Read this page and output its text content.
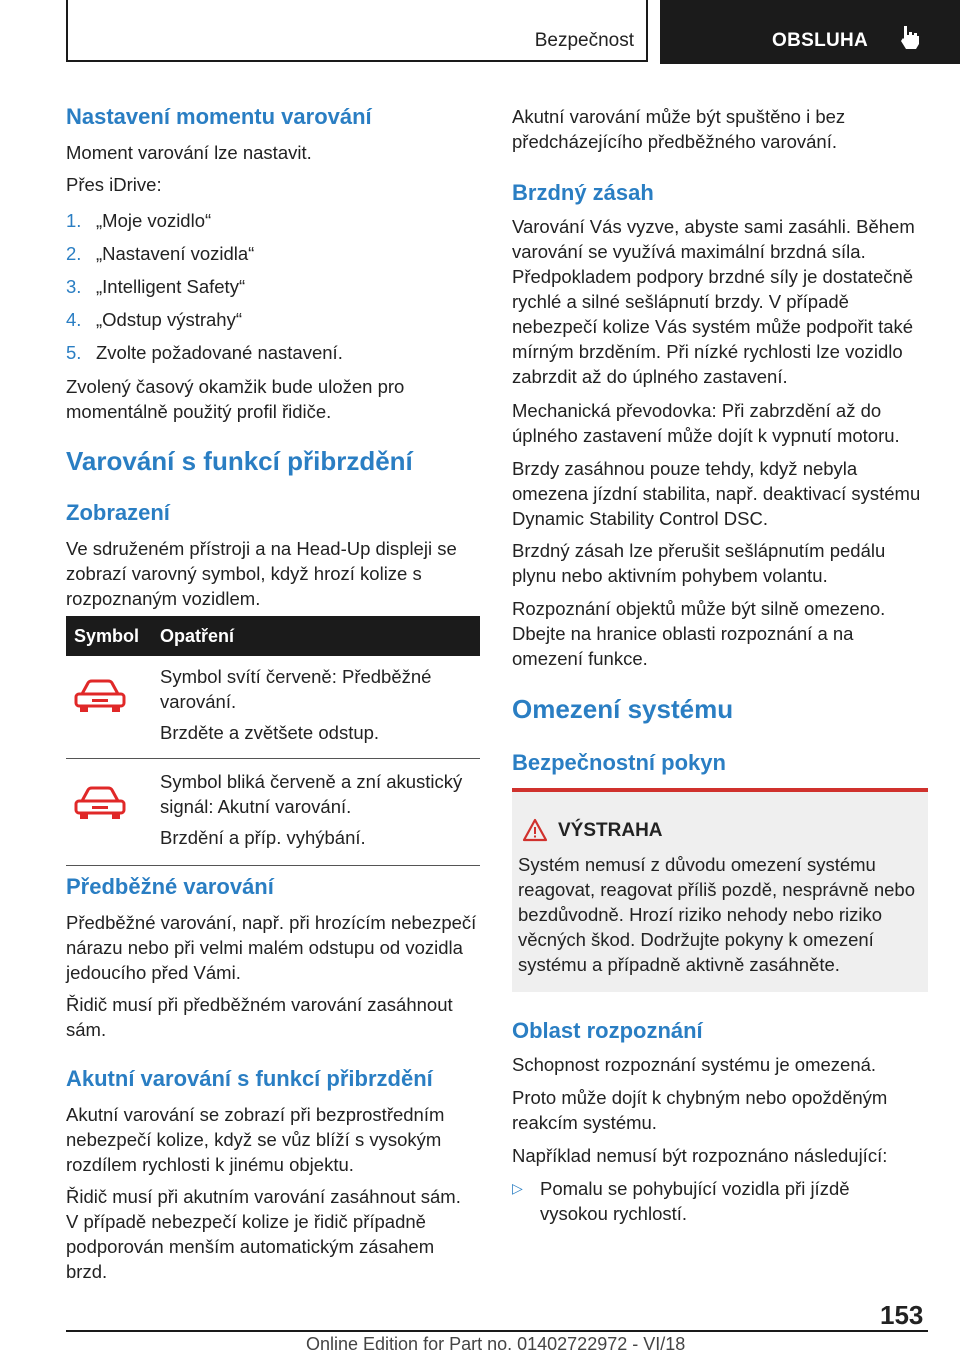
Bezpečnost	OBSLUHA
Nastavení momentu varování

Moment varování lze nastavit.

Přes iDrive:

1. „Moje vozidlo“
2. „Nastavení vozidla“
3. „Intelligent Safety“
4. „Odstup výstrahy“
5. Zvolte požadované nastavení.

Zvolený časový okamžik bude uložen pro momentálně použitý profil řidiče.

Varování s funkcí přibrzdění
Zobrazení

Ve sdruženém přístroji a na Head-Up displeji se zobrazí varovný symbol, když hrozí kolize s rozpoznaným vozidlem.

Symbol Opatření

Symbol svítí červeně: Předběžné varování.

Brzděte a zvětšete odstup.

Symbol bliká červeně a zní akustický signál: Akutní varování.

Brzdění a příp. vyhýbání.

Předběžné varování

Předběžné varování, např. při hrozícím nebezpečí nárazu nebo při velmi malém odstupu od vozidla jedoucího před Vámi.

Řidič musí při předběžném varování zasáhnout sám.

Akutní varování s funkcí přibrzdění

Akutní varování se zobrazí při bezprostředním nebezpečí kolize, když se vůz blíží s vysokým rozdílem rychlosti k jinému objektu.

Řidič musí při akutním varování zasáhnout sám. V případě nebezpečí kolize je řidič případně podporován menším automatickým zásahem brzd.

Akutní varování může být spuštěno i bez předcházejícího předběžného varování.

Brzdný zásah

Varování Vás vyzve, abyste sami zasáhli. Během varování se využívá maximální brzdná síla. Předpokladem podpory brzdné síly je dostatečně rychlé a silné sešlápnutí brzdy. V případě nebezpečí kolize Vás systém může podpořit také mírným brzděním. Při nízké rychlosti lze vozidlo zabrzdit až do úplného zastavení.

Mechanická převodovka: Při zabrzdění až do úplného zastavení může dojít k vypnutí motoru.

Brzdy zasáhnou pouze tehdy, když nebyla omezena jízdní stabilita, např. deaktivací systému Dynamic Stability Control DSC.

Brzdný zásah lze přerušit sešlápnutím pedálu plynu nebo aktivním pohybem volantu.

Rozpoznání objektů může být silně omezeno. Dbejte na hranice oblasti rozpoznání a na omezení funkce.

Omezení systému
Bezpečnostní pokyn
VÝSTRAHA

Systém nemusí z důvodu omezení systému reagovat, reagovat příliš pozdě, nesprávně nebo bezdůvodně. Hrozí riziko nehody nebo riziko věcných škod. Dodržujte pokyny k omezení systému a případně aktivně zasáhněte.

Oblast rozpoznání

Schopnost rozpoznání systému je omezená.

Proto může dojít k chybným nebo opožděným reakcím systému.

Například nemusí být rozpoznáno následující:

▷ Pomalu se pohybující vozidla při jízdě vysokou rychlostí.
153
Online Edition for Part no. 01402722972 - VI/18
